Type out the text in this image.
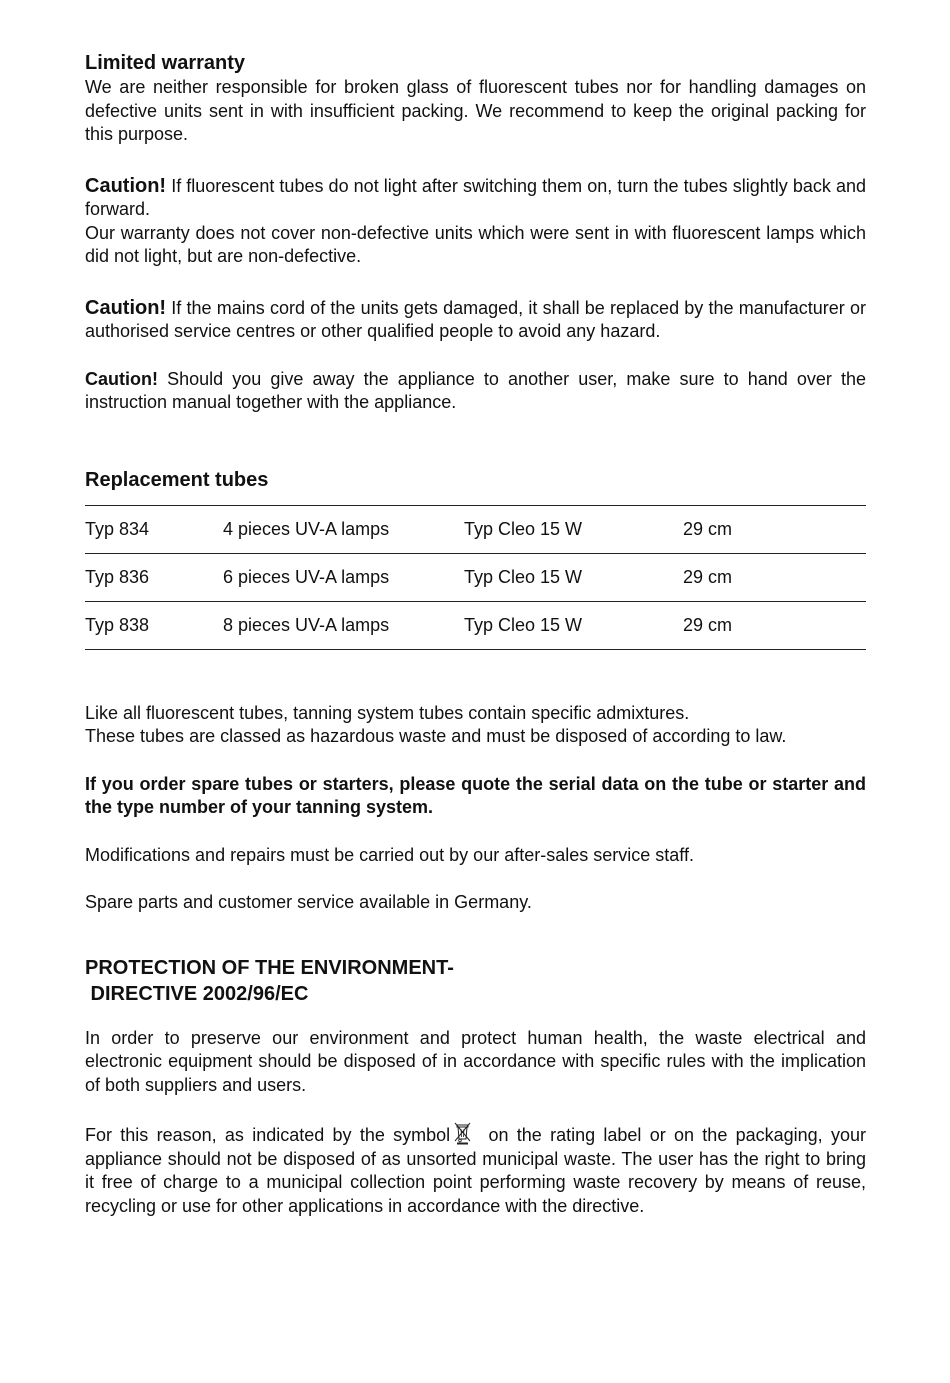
Limited warranty

We are neither responsible for broken glass of fluorescent tubes nor for handling damages on defective units sent in with insufficient packing. We recommend to keep the original packing for this purpose.

Caution! If fluorescent tubes do not light after switching them on, turn the tubes slightly back and forward.
Our warranty does not cover non-defective units which were sent in with fluorescent lamps which did not light, but are non-defective.

Caution! If the mains cord of the units gets damaged, it shall be replaced by the manufacturer or authorised service centres or other qualified people to avoid any hazard.

Caution! Should you give away the appliance to another user, make sure to hand over the instruction manual together with the appliance.

Replacement tubes
Typ 834	4 pieces UV-A lamps	Typ Cleo 15 W	29 cm
Typ 836	6 pieces UV-A lamps	Typ Cleo 15 W	29 cm
Typ 838	8 pieces UV-A lamps	Typ Cleo 15 W	29 cm

Like all fluorescent tubes, tanning system tubes contain specific admixtures.
These tubes are classed as hazardous waste and must be disposed of according to law.

If you order spare tubes or starters, please quote the serial data on the tube or starter and the type number of your tanning system.

Modifications and repairs must be carried out by our after-sales service staff.

Spare parts and customer service available in Germany.

PROTECTION OF THE ENVIRONMENT-
DIRECTIVE 2002/96/EC

In order to preserve our environment and protect human health, the waste electrical and electronic equipment should be disposed of in accordance with specific rules with the implication of both suppliers and users.

For this reason, as indicated by the symbol on the rating label or on the packaging, your appliance should not be disposed of as unsorted municipal waste. The user has the right to bring it free of charge to a municipal collection point performing waste recovery by means of reuse, recycling or use for other applications in accordance with the directive.
